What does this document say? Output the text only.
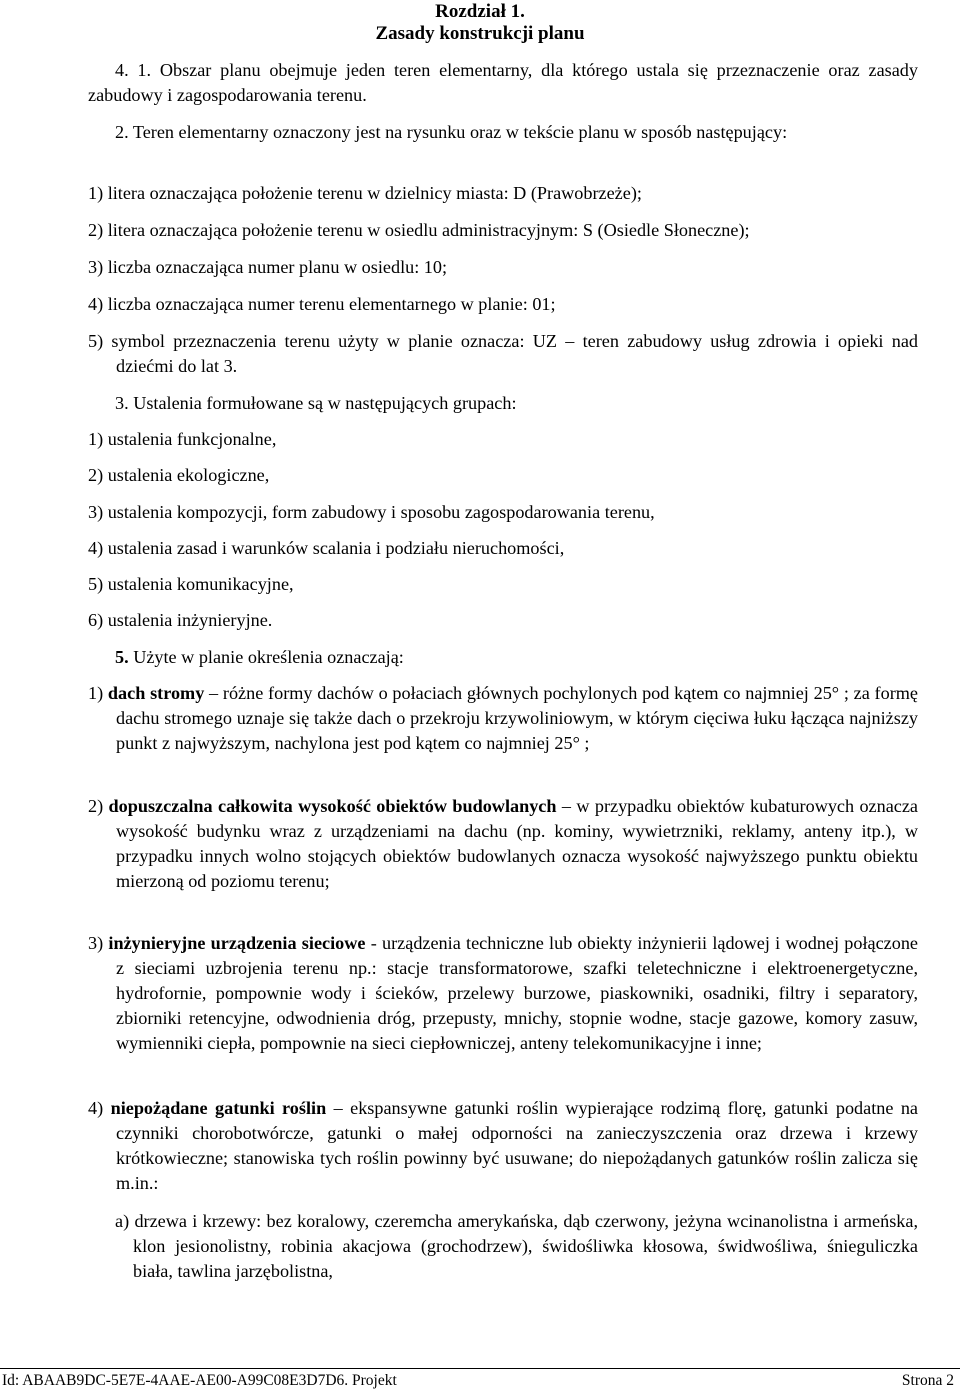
Rozdział 1.
Zasady konstrukcji planu

4. 1. Obszar planu obejmuje jeden teren elementarny, dla którego ustala się przeznaczenie oraz zasady zabudowy i zagospodarowania terenu.

2. Teren elementarny oznaczony jest na rysunku oraz w tekście planu w sposób następujący:

1) litera oznaczająca położenie terenu w dzielnicy miasta: D (Prawobrzeże);

2) litera oznaczająca położenie terenu w osiedlu administracyjnym: S (Osiedle Słoneczne);

3) liczba oznaczająca numer planu w osiedlu: 10;

4) liczba oznaczająca numer terenu elementarnego w planie: 01;

5) symbol przeznaczenia terenu użyty w planie oznacza: UZ – teren zabudowy usług zdrowia i opieki nad dziećmi do lat 3.

3. Ustalenia formułowane są w następujących grupach:

1) ustalenia funkcjonalne,

2) ustalenia ekologiczne,

3) ustalenia kompozycji, form zabudowy i sposobu zagospodarowania terenu,

4) ustalenia zasad i warunków scalania i podziału nieruchomości,

5) ustalenia komunikacyjne,

6) ustalenia inżynieryjne.

5. Użyte w planie określenia oznaczają:

1) dach stromy – różne formy dachów o połaciach głównych pochylonych pod kątem co najmniej 25° ; za formę dachu stromego uznaje się także dach o przekroju krzywoliniowym, w którym cięciwa łuku łącząca najniższy punkt z najwyższym, nachylona jest pod kątem co najmniej 25° ;

2) dopuszczalna całkowita wysokość obiektów budowlanych – w przypadku obiektów kubaturowych oznacza wysokość budynku wraz z urządzeniami na dachu (np. kominy, wywietrzniki, reklamy, anteny itp.), w przypadku innych wolno stojących obiektów budowlanych oznacza wysokość najwyższego punktu obiektu mierzoną od poziomu terenu;

3) inżynieryjne urządzenia sieciowe - urządzenia techniczne lub obiekty inżynierii lądowej i wodnej połączone z sieciami uzbrojenia terenu np.: stacje transformatorowe, szafki teletechniczne i elektroenergetyczne, hydrofornie, pompownie wody i ścieków, przelewy burzowe, piaskowniki, osadniki, filtry i separatory, zbiorniki retencyjne, odwodnienia dróg, przepusty, mnichy, stopnie wodne, stacje gazowe, komory zasuw, wymienniki ciepła, pompownie na sieci ciepłowniczej, anteny telekomunikacyjne i inne;

4) niepożądane gatunki roślin – ekspansywne gatunki roślin wypierające rodzimą florę, gatunki podatne na czynniki chorobotwórcze, gatunki o małej odporności na zanieczyszczenia oraz drzewa i krzewy krótkowieczne; stanowiska tych roślin powinny być usuwane; do niepożądanych gatunków roślin zalicza się m.in.:

a) drzewa i krzewy: bez koralowy, czeremcha amerykańska, dąb czerwony, jeżyna wcinanolistna i armeńska, klon jesionolistny, robinia akacjowa (grochodrzew), świdośliwka kłosowa, świdwośliwa, śnieguliczka biała, tawlina jarzębolistna,

Id: ABAAB9DC-5E7E-4AAE-AE00-A99C08E3D7D6. Projekt	Strona 2
